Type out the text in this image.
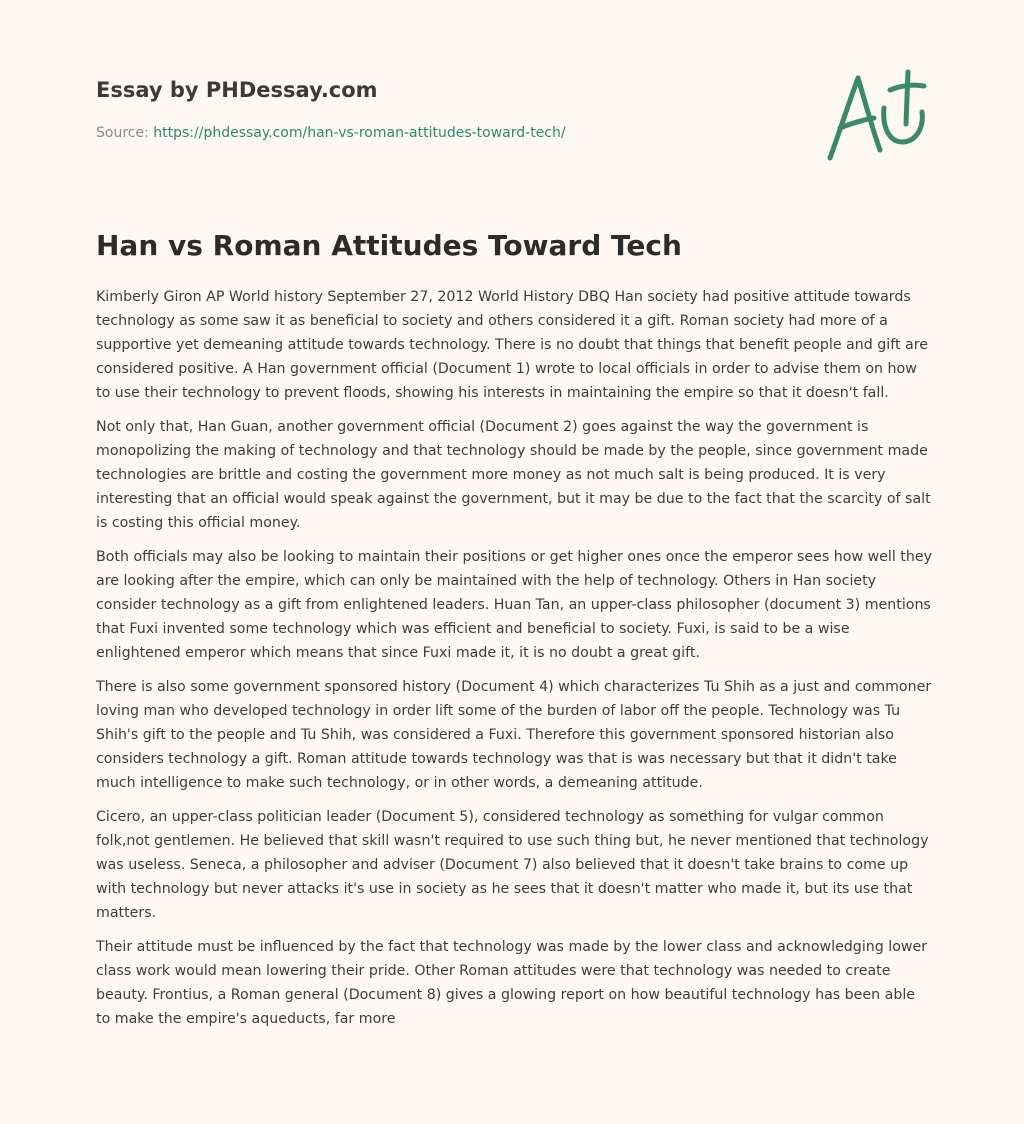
Essay by PHDessay.com
Source: https://phdessay.com/han-vs-roman-attitudes-toward-tech/
Han vs Roman Attitudes Toward Tech

Kimberly Giron AP World history September 27, 2012 World History DBQ Han society had positive attitude towards technology as some saw it as beneficial to society and others considered it a gift. Roman society had more of a supportive yet demeaning attitude towards technology. There is no doubt that things that benefit people and gift are considered positive. A Han government official (Document 1) wrote to local officials in order to advise them on how to use their technology to prevent floods, showing his interests in maintaining the empire so that it doesn't fall.

Not only that, Han Guan, another government official (Document 2) goes against the way the government is monopolizing the making of technology and that technology should be made by the people, since government made technologies are brittle and costing the government more money as not much salt is being produced. It is very interesting that an official would speak against the government, but it may be due to the fact that the scarcity of salt is costing this official money.

Both officials may also be looking to maintain their positions or get higher ones once the emperor sees how well they are looking after the empire, which can only be maintained with the help of technology. Others in Han society consider technology as a gift from enlightened leaders. Huan Tan, an upper-class philosopher (document 3) mentions that Fuxi invented some technology which was efficient and beneficial to society. Fuxi, is said to be a wise enlightened emperor which means that since Fuxi made it, it is no doubt a great gift.

There is also some government sponsored history (Document 4) which characterizes Tu Shih as a just and commoner loving man who developed technology in order lift some of the burden of labor off the people. Technology was Tu Shih's gift to the people and Tu Shih, was considered a Fuxi. Therefore this government sponsored historian also considers technology a gift. Roman attitude towards technology was that is was necessary but that it didn't take much intelligence to make such technology, or in other words, a demeaning attitude.

Cicero, an upper-class politician leader (Document 5), considered technology as something for vulgar common folk,not gentlemen. He believed that skill wasn't required to use such thing but, he never mentioned that technology was useless. Seneca, a philosopher and adviser (Document 7) also believed that it doesn't take brains to come up with technology but never attacks it's use in society as he sees that it doesn't matter who made it, but its use that matters.

Their attitude must be influenced by the fact that technology was made by the lower class and acknowledging lower class work would mean lowering their pride. Other Roman attitudes were that technology was needed to create beauty. Frontius, a Roman general (Document 8) gives a glowing report on how beautiful technology has been able to make the empire's aqueducts, far more
